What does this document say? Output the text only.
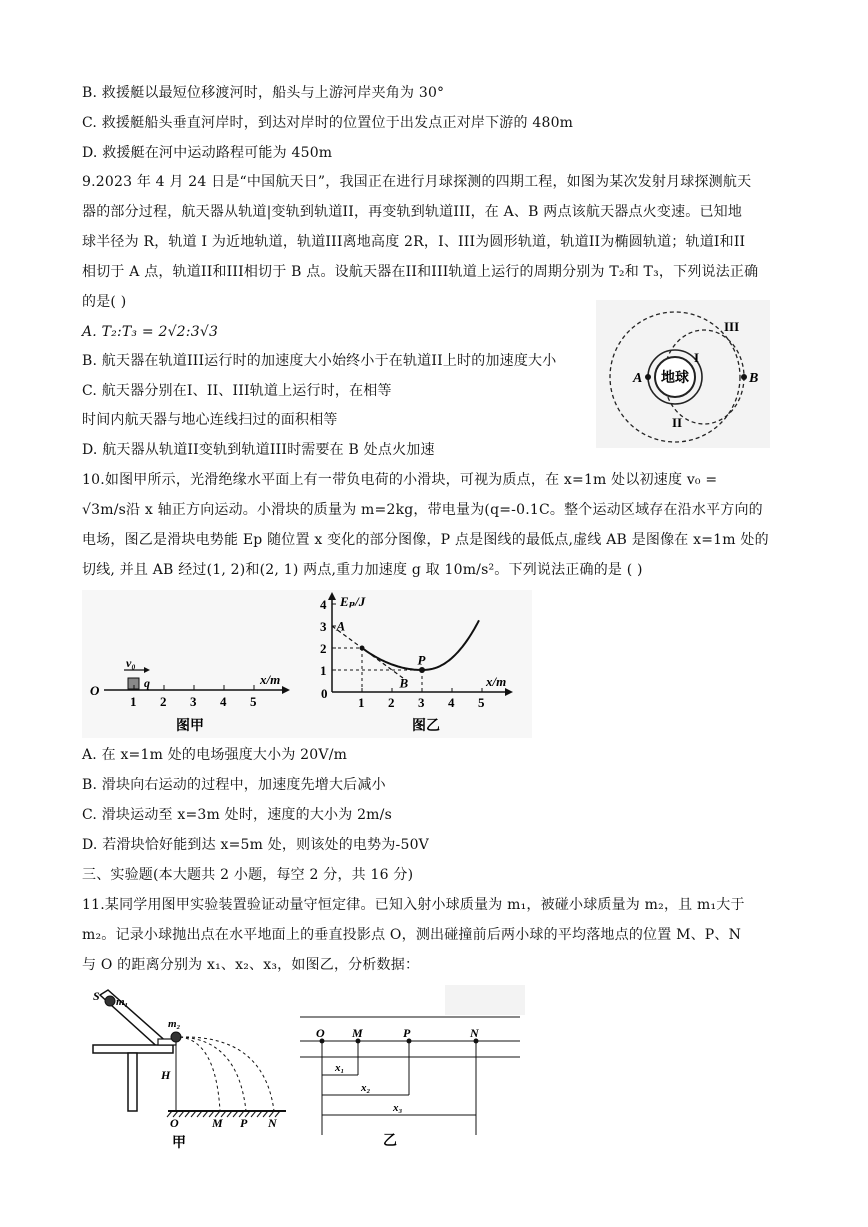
B. 救援艇以最短位移渡河时，船头与上游河岸夹角为 30°
C. 救援艇船头垂直河岸时，到达对岸时的位置位于出发点正对岸下游的 480m
D. 救援艇在河中运动路程可能为 450m
9.2023 年 4 月 24 日是“中国航天日”，我国正在进行月球探测的四期工程，如图为某次发射月球探测航天
器的部分过程，航天器从轨道|变轨到轨道II，再变轨到轨道III，在 A、B 两点该航天器点火变速。已知地
球半径为 R，轨道 I 为近地轨道，轨道III离地高度 2R，I、III为圆形轨道，轨道II为椭圆轨道；轨道I和II
相切于 A 点，轨道II和III相切于 B 点。设航天器在II和III轨道上运行的周期分别为 T₂和 T₃，下列说法正确
的是( )
A. T₂:T₃ = 2√2:3√3
B. 航天器在轨道III运行时的加速度大小始终小于在轨道II上时的加速度大小
C. 航天器分别在I、II、III轨道上运行时，在相等
时间内航天器与地心连线扫过的面积相等
D. 航天器从轨道II变轨到轨道III时需要在 B 处点火加速
地球
A	B
I
II
III
10.如图甲所示，光滑绝缘水平面上有一带负电荷的小滑块，可视为质点，在 x=1m 处以初速度 v₀ =
√3m/s沿 x 轴正方向运动。小滑块的质量为 m=2kg，带电量为(q=-0.1C。整个运动区域存在沿水平方向的
电场，图乙是滑块电势能 Ep 随位置 x 变化的部分图像，P 点是图线的最低点,虚线 AB 是图像在 x=1m 处的
切线, 并且 AB 经过(1, 2)和(2, 1) 两点,重力加速度 g 取 10m/s²。下列说法正确的是 ( )
O
x/m
v₀
q
1 2 3 4 5
图甲
Eₚ/J
x/m
0
1 2 3 4 5
1
2
3
4
A
B
P
图乙
A. 在 x=1m 处的电场强度大小为 20V/m
B. 滑块向右运动的过程中，加速度先增大后减小
C. 滑块运动至 x=3m 处时，速度的大小为 2m/s
D. 若滑块恰好能到达 x=5m 处，则该处的电势为-50V
三、实验题(本大题共 2 小题，每空 2 分，共 16 分)
11.某同学用图甲实验装置验证动量守恒定律。已知入射小球质量为 m₁，被碰小球质量为 m₂，且 m₁大于
m₂。记录小球抛出点在水平地面上的垂直投影点 O，测出碰撞前后两小球的平均落地点的位置 M、P、N
与 O 的距离分别为 x₁、x₂、x₃，如图乙，分析数据：
S m₁
m₂
H
O	M P N
甲
O M	P	N
x₁
x₂
x₃
乙
